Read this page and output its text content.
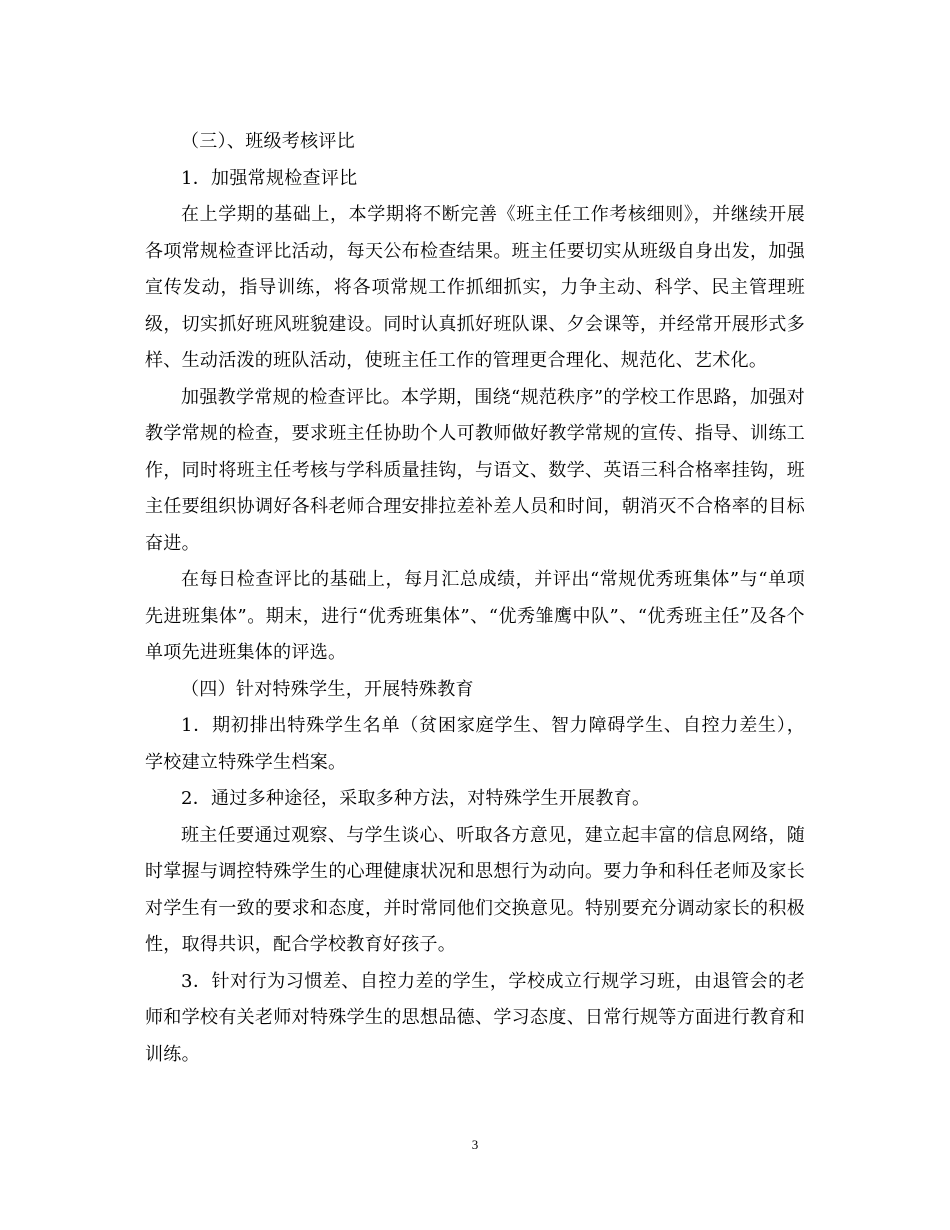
（三）、班级考核评比

1．加强常规检查评比

在上学期的基础上，本学期将不断完善《班主任工作考核细则》，并继续开展各项常规检查评比活动，每天公布检查结果。班主任要切实从班级自身出发，加强宣传发动，指导训练，将各项常规工作抓细抓实，力争主动、科学、民主管理班级，切实抓好班风班貌建设。同时认真抓好班队课、夕会课等，并经常开展形式多样、生动活泼的班队活动，使班主任工作的管理更合理化、规范化、艺术化。

加强教学常规的检查评比。本学期，围绕“规范秩序”的学校工作思路，加强对教学常规的检查，要求班主任协助个人可教师做好教学常规的宣传、指导、训练工作，同时将班主任考核与学科质量挂钩，与语文、数学、英语三科合格率挂钩，班主任要组织协调好各科老师合理安排拉差补差人员和时间，朝消灭不合格率的目标奋进。

在每日检查评比的基础上，每月汇总成绩，并评出“常规优秀班集体”与“单项先进班集体”。期末，进行“优秀班集体”、“优秀雏鹰中队”、“优秀班主任”及各个单项先进班集体的评选。

（四）针对特殊学生，开展特殊教育

1．期初排出特殊学生名单（贫困家庭学生、智力障碍学生、自控力差生），学校建立特殊学生档案。

2．通过多种途径，采取多种方法，对特殊学生开展教育。

班主任要通过观察、与学生谈心、听取各方意见，建立起丰富的信息网络，随时掌握与调控特殊学生的心理健康状况和思想行为动向。要力争和科任老师及家长对学生有一致的要求和态度，并时常同他们交换意见。特别要充分调动家长的积极性，取得共识，配合学校教育好孩子。

3．针对行为习惯差、自控力差的学生，学校成立行规学习班，由退管会的老师和学校有关老师对特殊学生的思想品德、学习态度、日常行规等方面进行教育和训练。

3
